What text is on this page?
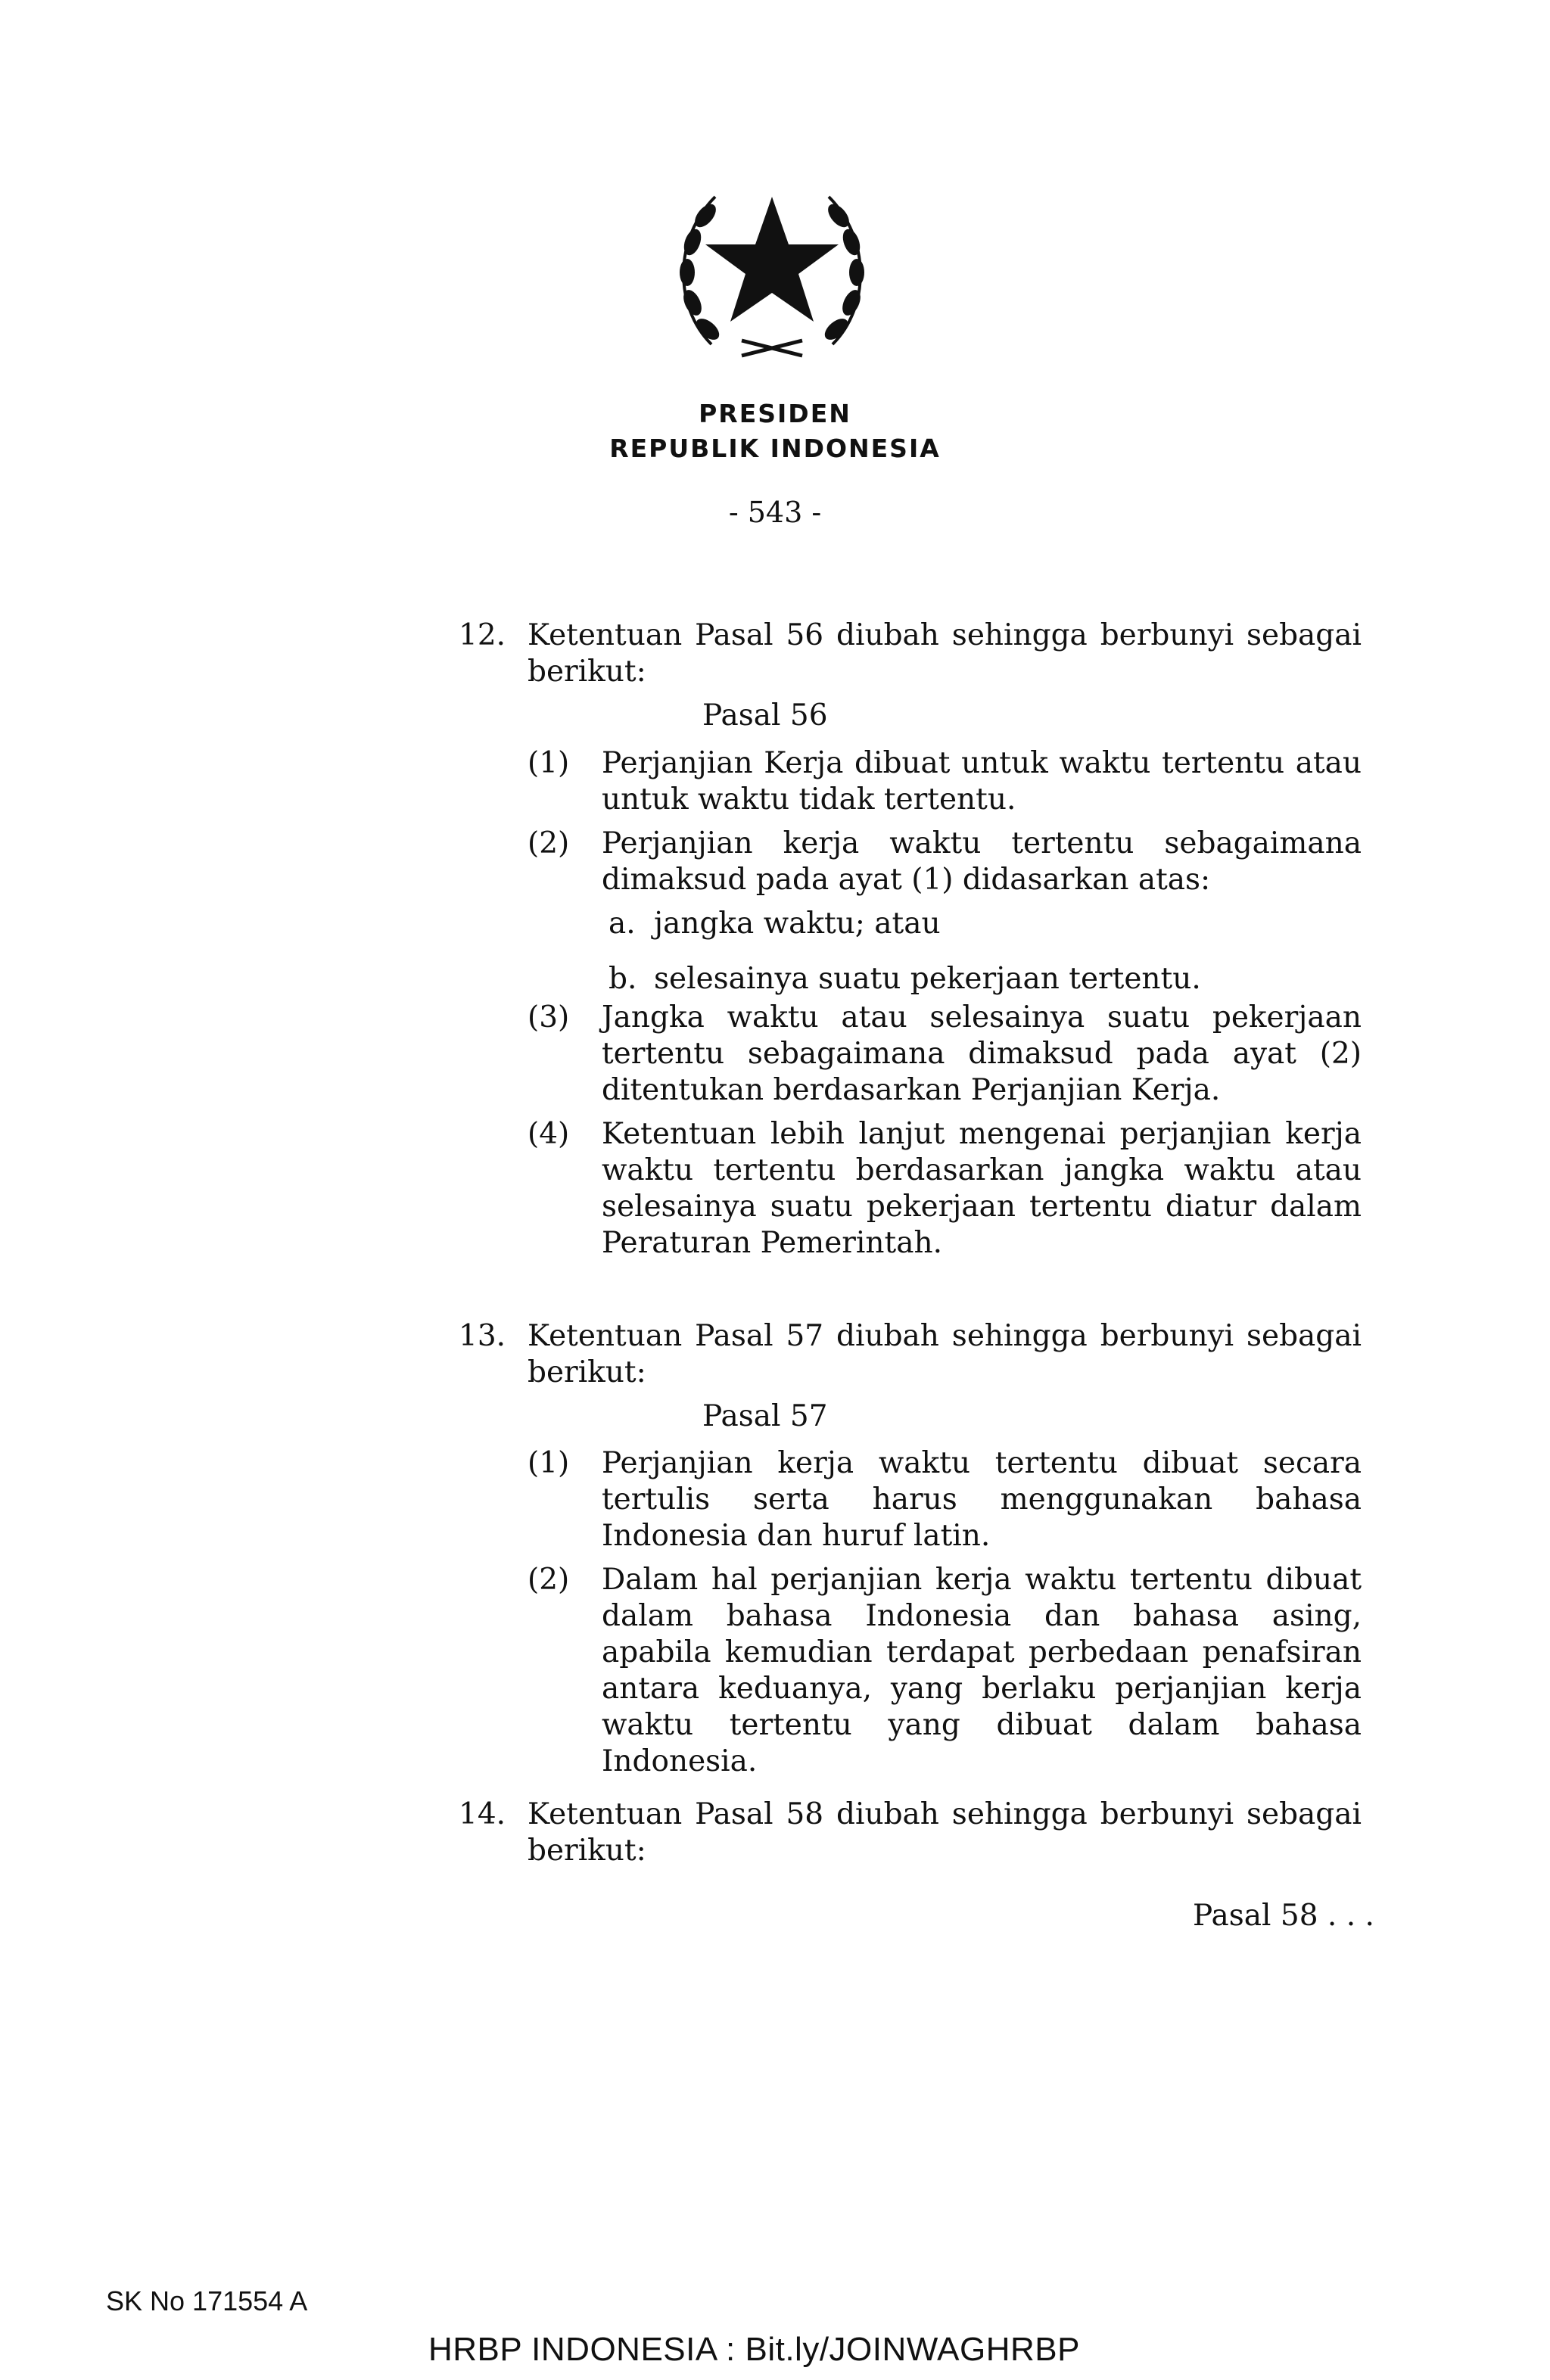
PRESIDEN
REPUBLIK INDONESIA
- 543 -
12. Ketentuan Pasal 56 diubah sehingga berbunyi sebagai berikut:
Pasal 56
(1) Perjanjian Kerja dibuat untuk waktu tertentu atau untuk waktu tidak tertentu.
(2) Perjanjian kerja waktu tertentu sebagaimana dimaksud pada ayat (1) didasarkan atas:
a. jangka waktu; atau
b. selesainya suatu pekerjaan tertentu.
(3) Jangka waktu atau selesainya suatu pekerjaan tertentu sebagaimana dimaksud pada ayat (2) ditentukan berdasarkan Perjanjian Kerja.
(4) Ketentuan lebih lanjut mengenai perjanjian kerja waktu tertentu berdasarkan jangka waktu atau selesainya suatu pekerjaan tertentu diatur dalam Peraturan Pemerintah.
13. Ketentuan Pasal 57 diubah sehingga berbunyi sebagai berikut:
Pasal 57
(1) Perjanjian kerja waktu tertentu dibuat secara tertulis serta harus menggunakan bahasa Indonesia dan huruf latin.
(2) Dalam hal perjanjian kerja waktu tertentu dibuat dalam bahasa Indonesia dan bahasa asing, apabila kemudian terdapat perbedaan penafsiran antara keduanya, yang berlaku perjanjian kerja waktu tertentu yang dibuat dalam bahasa Indonesia.
14. Ketentuan Pasal 58 diubah sehingga berbunyi sebagai berikut:
Pasal 58 . . .
SK No 171554 A
HRBP INDONESIA : Bit.ly/JOINWAGHRBP
